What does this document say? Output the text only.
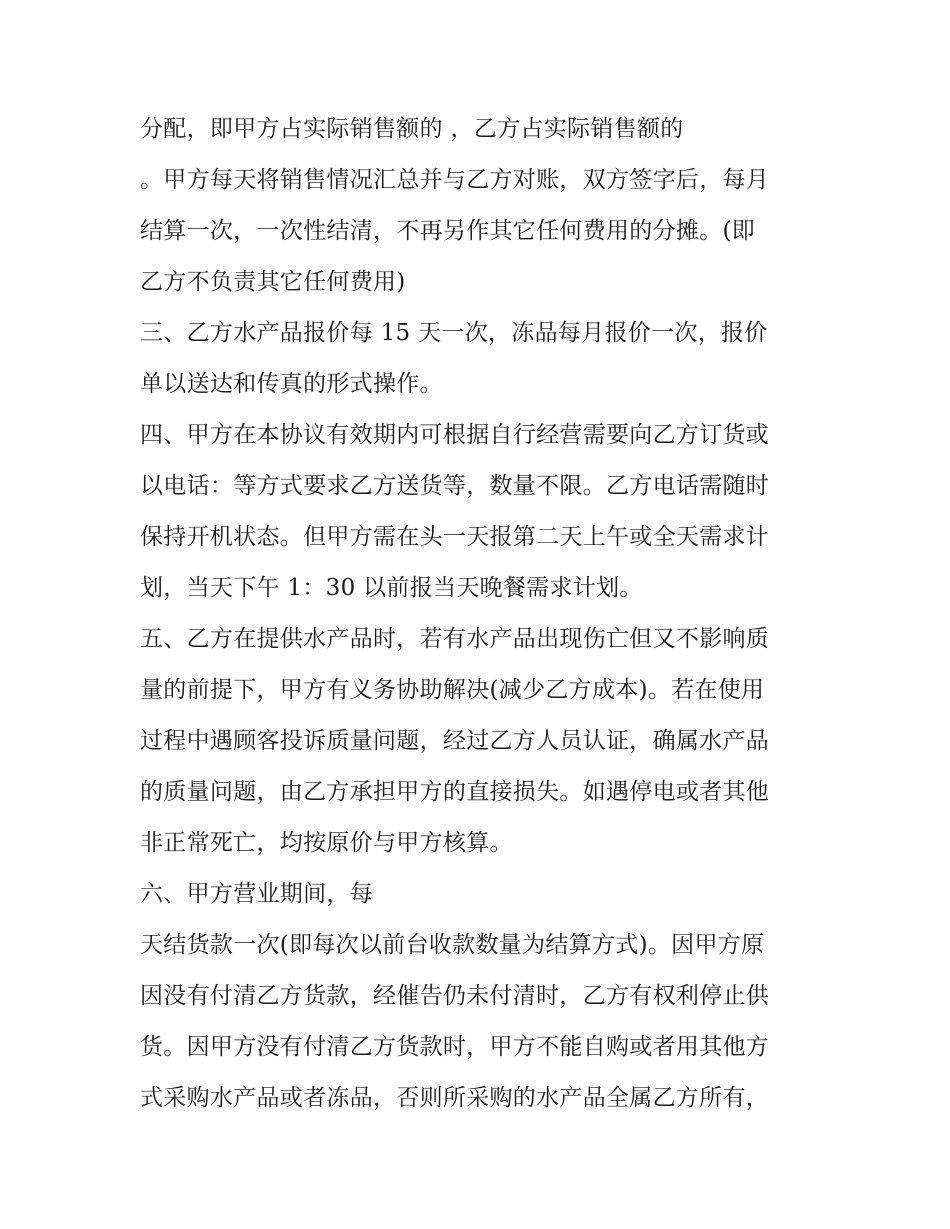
分配，即甲方占实际销售额的 ，乙方占实际销售额的
。甲方每天将销售情况汇总并与乙方对账，双方签字后，每月
结算一次，一次性结清，不再另作其它任何费用的分摊。(即
乙方不负责其它任何费用)
三、乙方水产品报价每 15 天一次，冻品每月报价一次，报价
单以送达和传真的形式操作。
四、甲方在本协议有效期内可根据自行经营需要向乙方订货或
以电话：等方式要求乙方送货等，数量不限。乙方电话需随时
保持开机状态。但甲方需在头一天报第二天上午或全天需求计
划，当天下午 1：30 以前报当天晚餐需求计划。
五、乙方在提供水产品时，若有水产品出现伤亡但又不影响质
量的前提下，甲方有义务协助解决(减少乙方成本)。若在使用
过程中遇顾客投诉质量问题，经过乙方人员认证，确属水产品
的质量问题，由乙方承担甲方的直接损失。如遇停电或者其他
非正常死亡，均按原价与甲方核算。
六、甲方营业期间，每
天结货款一次(即每次以前台收款数量为结算方式)。因甲方原
因没有付清乙方货款，经催告仍未付清时，乙方有权利停止供
货。因甲方没有付清乙方货款时，甲方不能自购或者用其他方
式采购水产品或者冻品，否则所采购的水产品全属乙方所有，
